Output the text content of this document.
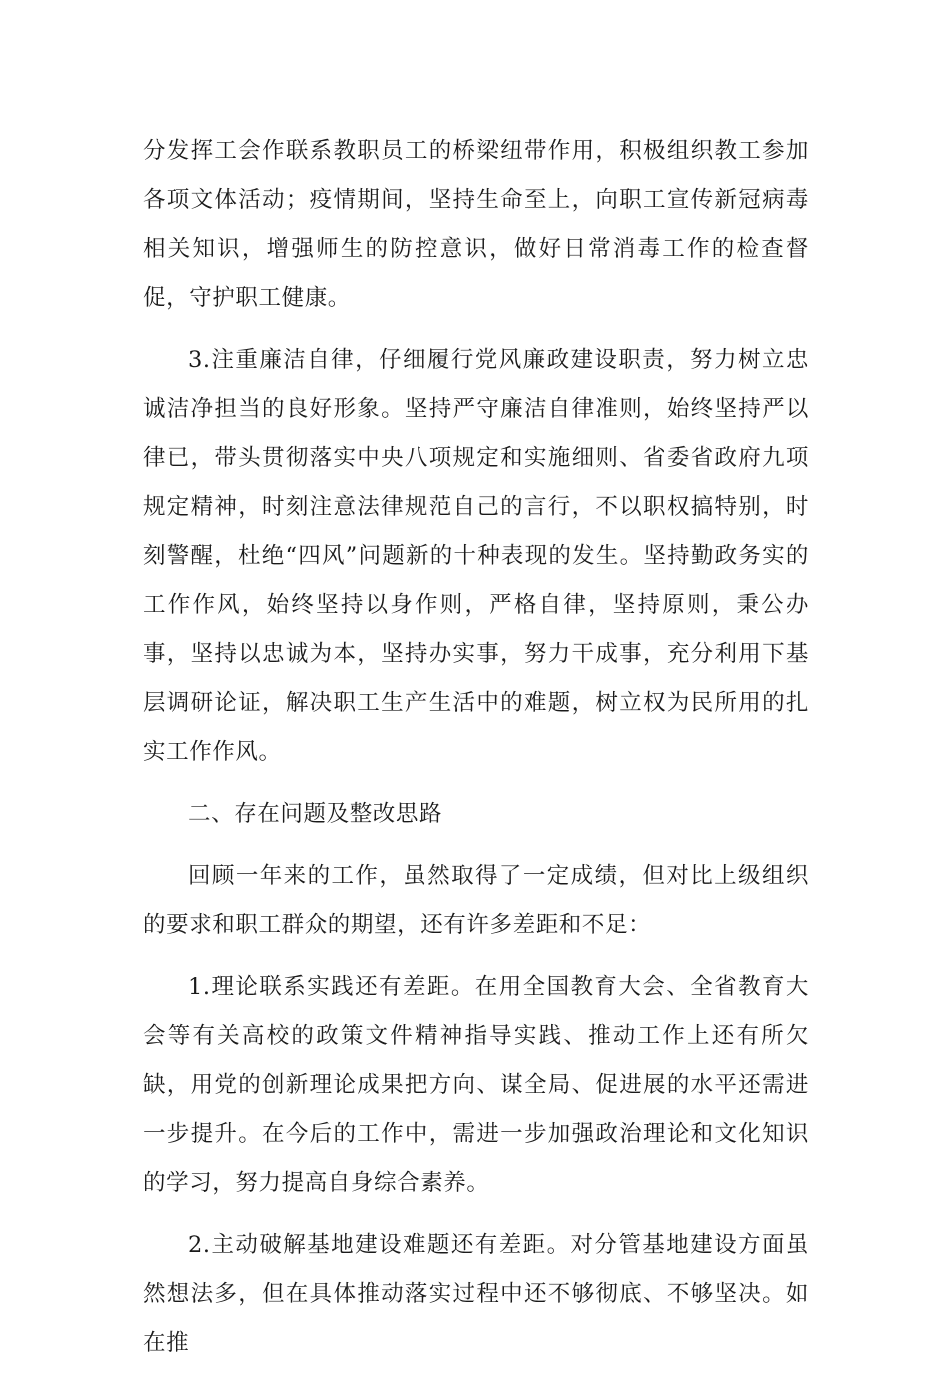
分发挥工会作联系教职员工的桥梁纽带作用，积极组织教工参加各项文体活动；疫情期间，坚持生命至上，向职工宣传新冠病毒相关知识，增强师生的防控意识，做好日常消毒工作的检查督促，守护职工健康。

3.注重廉洁自律，仔细履行党风廉政建设职责，努力树立忠诚洁净担当的良好形象。坚持严守廉洁自律准则，始终坚持严以律已，带头贯彻落实中央八项规定和实施细则、省委省政府九项规定精神，时刻注意法律规范自己的言行，不以职权搞特别，时刻警醒，杜绝“四风”问题新的十种表现的发生。坚持勤政务实的工作作风，始终坚持以身作则，严格自律，坚持原则，秉公办事，坚持以忠诚为本，坚持办实事，努力干成事，充分利用下基层调研论证，解决职工生产生活中的难题，树立权为民所用的扎实工作作风。

二、存在问题及整改思路

回顾一年来的工作，虽然取得了一定成绩，但对比上级组织的要求和职工群众的期望，还有许多差距和不足：

1.理论联系实践还有差距。在用全国教育大会、全省教育大会等有关高校的政策文件精神指导实践、推动工作上还有所欠缺，用党的创新理论成果把方向、谋全局、促进展的水平还需进一步提升。在今后的工作中，需进一步加强政治理论和文化知识的学习，努力提高自身综合素养。

2.主动破解基地建设难题还有差距。对分管基地建设方面虽然想法多，但在具体推动落实过程中还不够彻底、不够坚决。如在推
